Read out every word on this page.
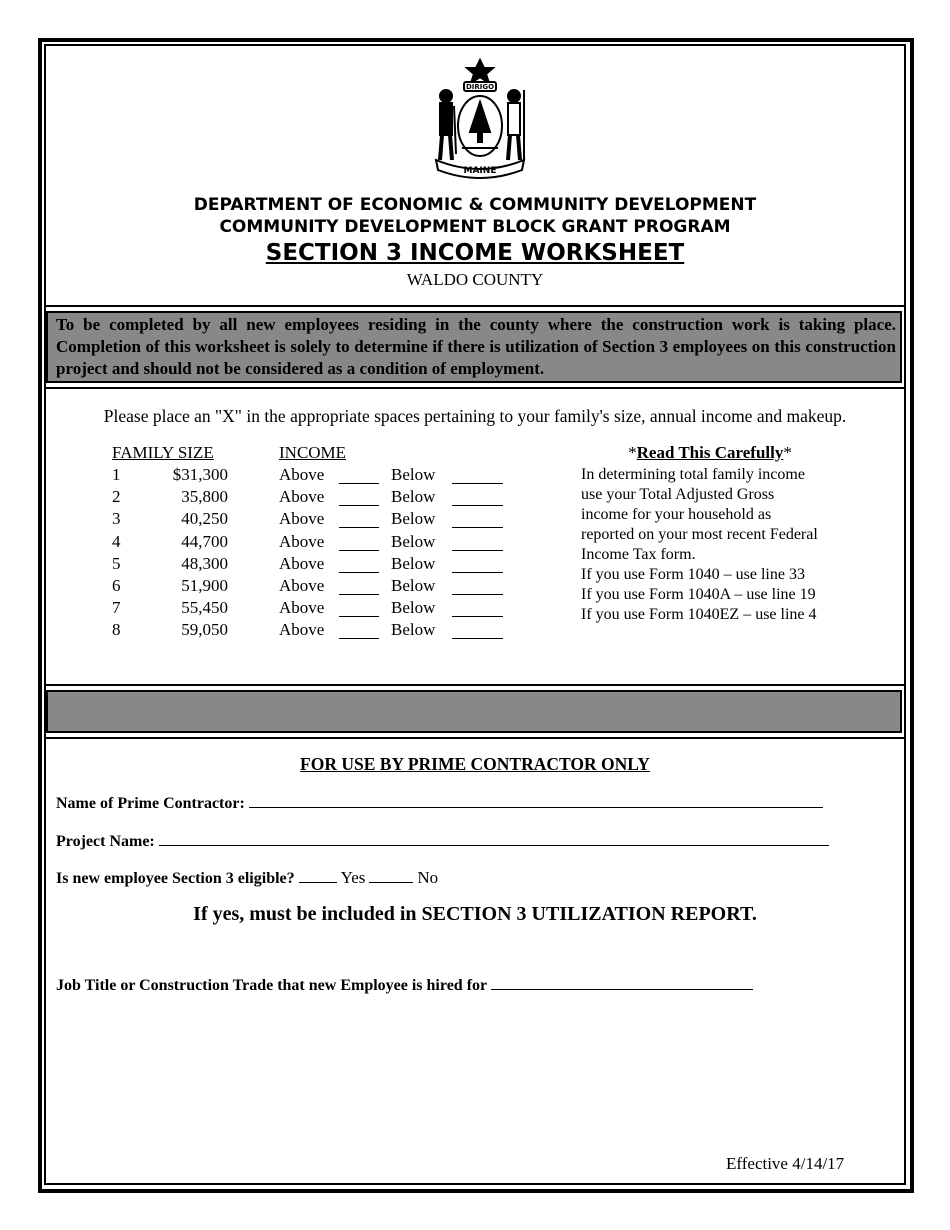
DIRIGO
MAINE
DEPARTMENT OF ECONOMIC & COMMUNITY DEVELOPMENT
COMMUNITY DEVELOPMENT BLOCK GRANT PROGRAM
SECTION 3 INCOME WORKSHEET
WALDO COUNTY
To be completed by all new employees residing in the county where the construction work is taking place. Completion of this worksheet is solely to determine if there is utilization of Section 3 employees on this construction project and should not be considered as a condition of employment.
Please place an "X" in the appropriate spaces pertaining to your family's size, annual income and makeup.
FAMILY SIZE	INCOME
1	$31,300	Above	Below
2	35,800	Above	Below
3	40,250	Above	Below
4	44,700	Above	Below
5	48,300	Above	Below
6	51,900	Above	Below
7	55,450	Above	Below
8	59,050	Above	Below
*Read This Carefully*
In determining total family income
use your Total Adjusted Gross
income for your household as
reported on your most recent Federal
Income Tax form.
If you use Form 1040 – use line 33
If you use Form 1040A – use line 19
If you use Form 1040EZ – use line 4
FOR USE BY PRIME CONTRACTOR ONLY
Name of Prime Contractor:
Project Name:
Is new employee Section 3 eligible?	Yes	No
If yes, must be included in SECTION 3 UTILIZATION REPORT.
Job Title or Construction Trade that new Employee is hired for
Effective 4/14/17
